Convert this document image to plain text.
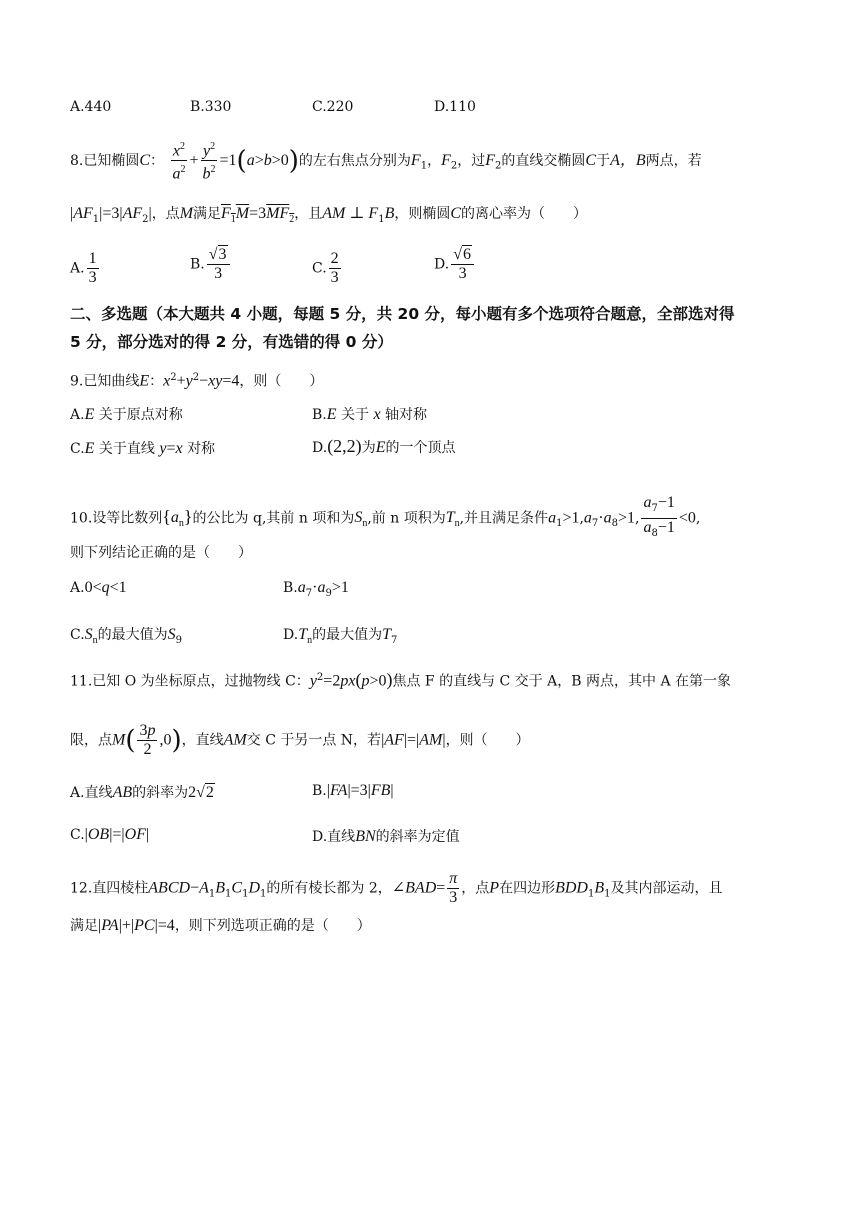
A.440	B.330	C.220	D.110
8.已知椭圆C： $\frac{x^2}{a^2} + \frac{y^2}{b^2} =1(a>b>0)$的左右焦点分别为$F_1$，$F_2$，过$F_2$的直线交椭圆C于A，B两点，若
$|AF_1|=3|AF_2|$，点M满足$F_1M=3MF_2$，且AM ⊥ $F_1B$，则椭圆C的离心率为（　　）
A. $\frac{1}{3}$	B. $\frac{√3}{3}$	C. $\frac{2}{3}$	D. $\frac{√6}{3}$
二、多选题（本大题共 4 小题，每题 5 分，共 20 分，每小题有多个选项符合题意，全部选对得
5 分，部分选对的得 2 分，有选错的得 0 分）
9.已知曲线E：$x^2+y^2-xy=4$，则（　　）
A.E 关于原点对称	B.E 关于 x 轴对称
C.E 关于直线 y=x 对称	D.(2,2)为E的一个顶点
10.设等比数列$\{a_n\}$的公比为 q,其前 n 项和为$S_n$,前 n 项积为$T_n$,并且满足条件$a_1>1,a_7\cdot a_8>1$, $\frac{a_7-1}{a_8-1} <0$,
则下列结论正确的是（　　）
A.0<q<1	$B.a_7\cdot a_9>1$
$C.S_n$的最大值为$S_9$	$D.T_n$的最大值为$T_7$
11.已知 O 为坐标原点，过抛物线 C：$y^2=2px(p>0)$焦点 F 的直线与 C 交于 A，B 两点，其中 A 在第一象
限，点$M( \frac{3p}{2} ,0)$，直线AM交 C 于另一点 N，若|AF|=|AM|，则（　　）
A.直线AB的斜率为2√2	B.|FA|=3|FB|
C.|OB|=|OF|	D.直线BN的斜率为定值
12.直四棱柱$ABCD-A_1B_1C_1D_1$的所有棱长都为 2，∠BAD= $\frac{\pi}{3}$ ，点P在四边形$BDD_1B_1$及其内部运动，且
满足|PA|+|PC|=4，则下列选项正确的是（　　）
